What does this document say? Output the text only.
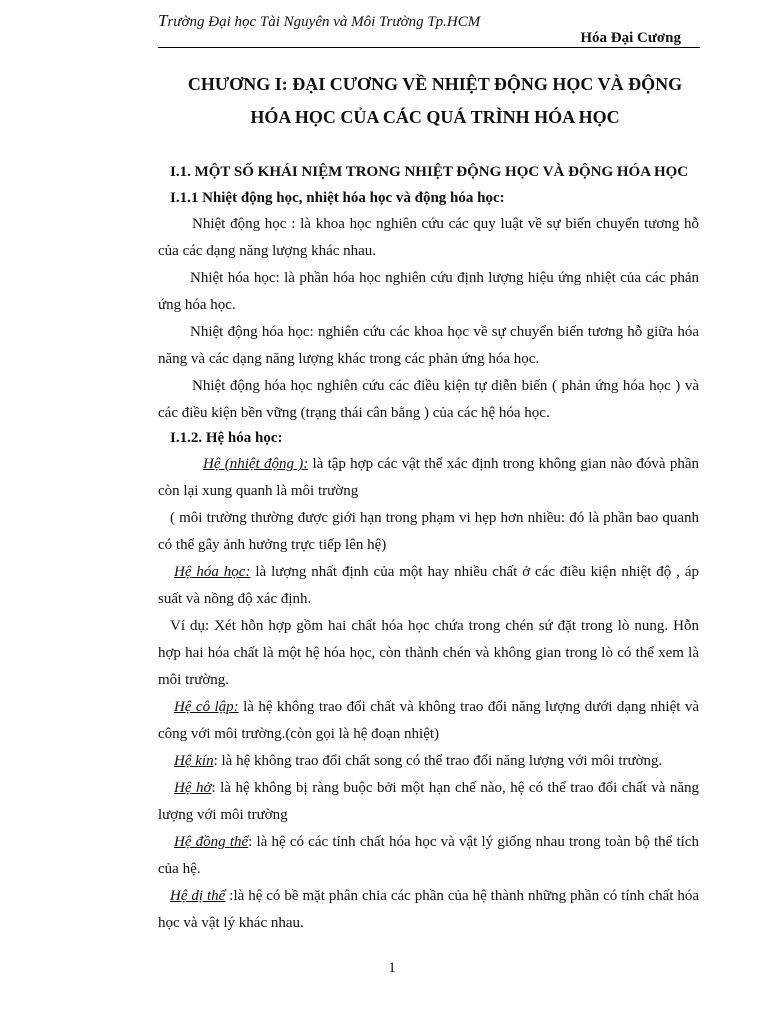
Trường Đại học Tài Nguyên và Môi Trường Tp.HCM
Hóa Đại Cương
CHƯƠNG I: ĐẠI CƯƠNG VỀ NHIỆT ĐỘNG HỌC VÀ ĐỘNG
HÓA HỌC CỦA CÁC QUÁ TRÌNH HÓA HỌC

I.1. MỘT SỐ KHÁI NIỆM TRONG NHIỆT ĐỘNG HỌC VÀ ĐỘNG HÓA HỌC

I.1.1 Nhiệt động học, nhiệt hóa học và động hóa học:

Nhiệt động học : là khoa học nghiên cứu các quy luật về sự biến chuyển tương hỗ của các dạng năng lượng khác nhau.

Nhiệt hóa học: là phần hóa học nghiên cứu định lượng hiệu ứng nhiệt của các phản ứng hóa học.

Nhiệt động hóa học: nghiên cứu các khoa học về sự chuyển biến tương hỗ giữa hóa năng và các dạng năng lượng khác trong các phản ứng hóa học.

Nhiệt động hóa học nghiên cứu các điều kiện tự diễn biến ( phản ứng hóa học ) và các điều kiện bền vững (trạng thái cân bằng ) của các hệ hóa học.

I.1.2. Hệ hóa học:

Hệ (nhiệt động ): là tập hợp các vật thể xác định trong không gian nào đóvà phần còn lại xung quanh là môi trường

( môi trường thường được giới hạn trong phạm vi hẹp hơn nhiều: đó là phần bao quanh có thể gây ảnh hưởng trực tiếp lên hệ)

Hệ hóa học: là lượng nhất định của một hay nhiều chất ở các điều kiện nhiệt độ , áp suất và nồng độ xác định.

Ví dụ: Xét hỗn hợp gồm hai chất hóa học chứa trong chén sứ đặt trong lò nung. Hỗn hợp hai hóa chất là một hệ hóa học, còn thành chén và không gian trong lò có thể xem là môi trường.

Hệ cô lập: là hệ không trao đổi chất và không trao đổi năng lượng dưới dạng nhiệt và công với môi trường.(còn gọi là hệ đoạn nhiệt)

Hệ kín: là hệ không trao đổi chất song có thể trao đổi năng lượng với môi trường.

Hệ hở: là hệ không bị ràng buộc bởi một hạn chế nào, hệ có thể trao đổi chất và năng lượng với môi trường

Hệ đồng thể: là hệ có các tính chất hóa học và vật lý giống nhau trong toàn bộ thể tích của hệ.

Hệ dị thể :là hệ có bề mặt phân chia các phần của hệ thành những phần có tính chất hóa học và vật lý khác nhau.

1
